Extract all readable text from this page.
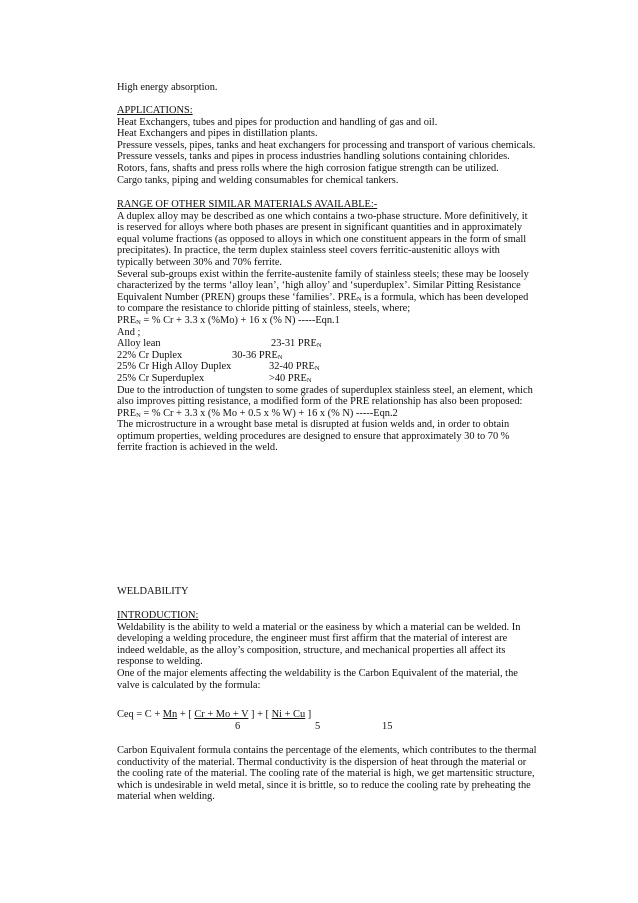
High energy absorption.

APPLICATIONS:

Heat Exchangers, tubes and pipes for production and handling of gas and oil.

Heat Exchangers and pipes in distillation plants.

Pressure vessels, pipes, tanks and heat exchangers for processing and transport of various chemicals.

Pressure vessels, tanks and pipes in process industries handling solutions containing chlorides.

Rotors, fans, shafts and press rolls where the high corrosion fatigue strength can be utilized.

Cargo tanks, piping and welding consumables for chemical tankers.

RANGE OF OTHER SIMILAR MATERIALS AVAILABLE:-

A duplex alloy may be described as one which contains a two-phase structure. More definitively, it is reserved for alloys where both phases are present in significant quantities and in approximately equal volume fractions (as opposed to alloys in which one constituent appears in the form of small precipitates). In practice, the term duplex stainless steel covers ferritic-austenitic alloys with typically between 30% and 70% ferrite.

Several sub-groups exist within the ferrite-austenite family of stainless steels; these may be loosely characterized by the terms ‘alloy lean’, ‘high alloy’ and ‘superduplex’. Similar Pitting Resistance Equivalent Number (PREN) groups these ‘families’. $PRE_N$ is a formula, which has been developed to compare the resistance to chloride pitting of stainless, steels, where;

$PRE_N$ = % Cr + 3.3 x (%Mo) + 16 x (% N) -----Eqn.1

And ;

Alloy lean	23-31 $PRE_N$
22% Cr Duplex	30-36 $PRE_N$
25% Cr High Alloy Duplex	32-40 $PRE_N$
25% Cr Superduplex	>40 $PRE_N$

Due to the introduction of tungsten to some grades of superduplex stainless steel, an element, which also improves pitting resistance, a modified form of the PRE relationship has also been proposed:

$PRE_N$ = % Cr + 3.3 x (% Mo + 0.5 x % W) + 16 x (% N) -----Eqn.2

The microstructure in a wrought base metal is disrupted at fusion welds and, in order to obtain optimum properties, welding procedures are designed to ensure that approximately 30 to 70 % ferrite fraction is achieved in the weld.

WELDABILITY

INTRODUCTION:

Weldability is the ability to weld a material or the easiness by which a material can be welded. In developing a welding procedure, the engineer must first affirm that the material of interest are indeed weldable, as the alloy’s composition, structure, and mechanical properties all affect its response to welding.

One of the major elements affecting the weldability is the Carbon Equivalent of the material, the valve is calculated by the formula:

Ceq = C + Mn + [ Cr + Mo + V ] + [ Ni + Cu ]

6	5	15

Carbon Equivalent formula contains the percentage of the elements, which contributes to the thermal conductivity of the material. Thermal conductivity is the dispersion of heat through the material or the cooling rate of the material. The cooling rate of the material is high, we get martensitic structure, which is undesirable in weld metal, since it is brittle, so to reduce the cooling rate by preheating the material when welding.
